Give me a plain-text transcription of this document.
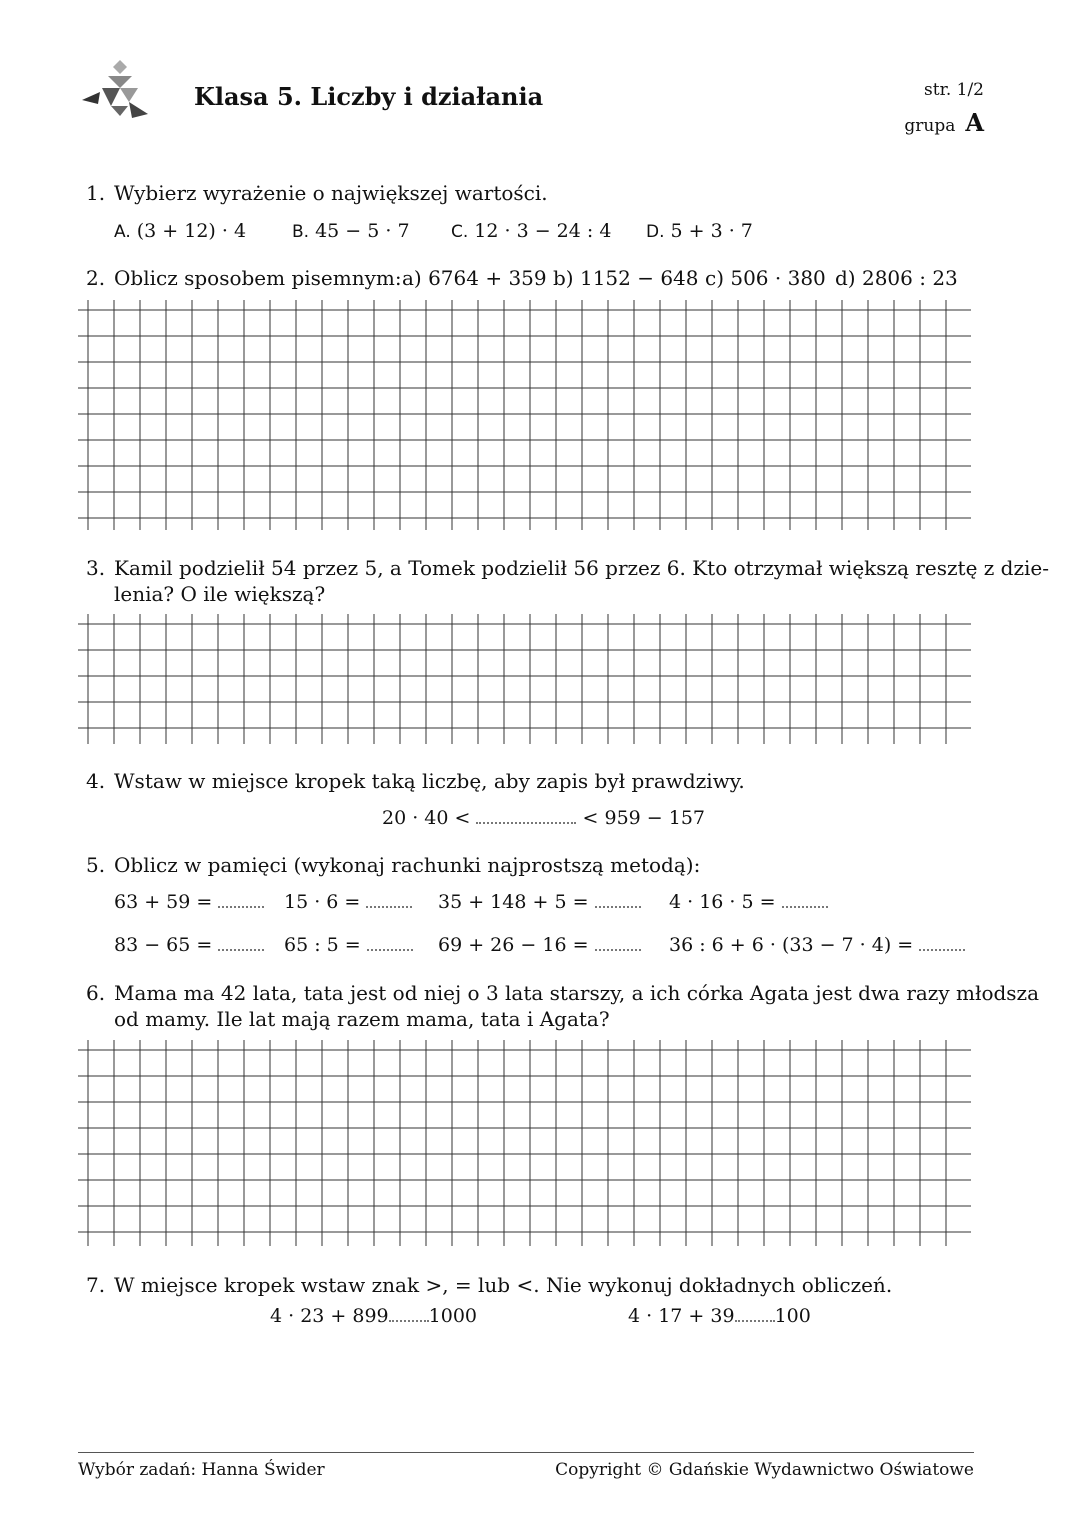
Klasa 5. Liczby i działania	str. 1/2
grupa A
1. Wybierz wyrażenie o największej wartości.
A. (3 + 12) · 4	B. 45 − 5 · 7 C. 12 · 3 − 24 : 4 D. 5 + 3 · 7
2. Oblicz sposobem pisemnym: a) 6764 + 359 b) 1152 − 648 c) 506 · 380 d) 2806 : 23
3. Kamil podzielił 54 przez 5, a Tomek podzielił 56 przez 6. Kto otrzymał większą resztę z dzie-
lenia? O ile większą?
4. Wstaw w miejsce kropek taką liczbę, aby zapis był prawdziwy.
20 · 40 <	< 959 − 157
5. Oblicz w pamięci (wykonaj rachunki najprostszą metodą):
63 + 59 =	15 · 6 =	35 + 148 + 5 =	4 · 16 · 5 =
83 − 65 =	65 : 5 =	69 + 26 − 16 =	36 : 6 + 6 · (33 − 7 · 4) =
6. Mama ma 42 lata, tata jest od niej o 3 lata starszy, a ich córka Agata jest dwa razy młodsza
od mamy. Ile lat mają razem mama, tata i Agata?
7. W miejsce kropek wstaw znak >, = lub <. Nie wykonuj dokładnych obliczeń.
4 · 23 + 899 1000	4 · 17 + 39 100
Wybór zadań: Hanna Świder	Copyright © Gdańskie Wydawnictwo Oświatowe
